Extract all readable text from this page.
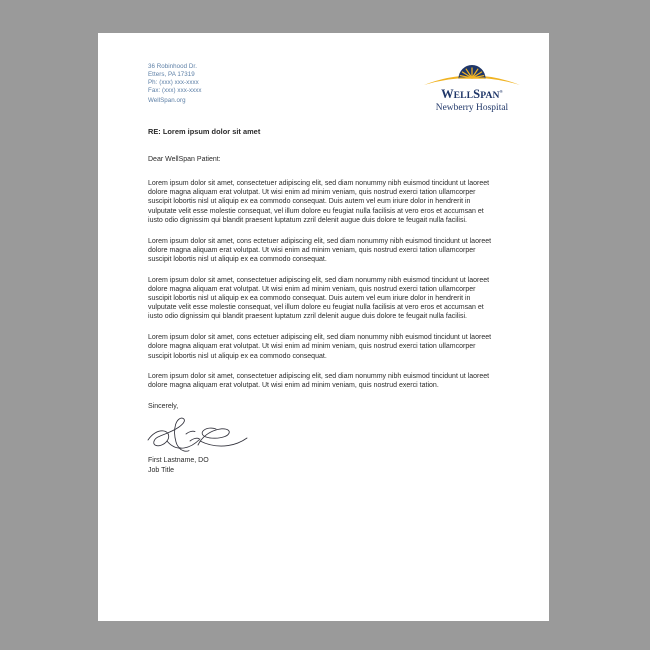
36 Robinhood Dr.
Etters, PA 17319
Ph: (xxx) xxx-xxxx
Fax: (xxx) xxx-xxxx
WellSpan.org	WELLSPAN®
Newberry Hospital

RE: Lorem ipsum dolor sit amet

Dear WellSpan Patient:

Lorem ipsum dolor sit amet, consectetuer adipiscing elit, sed diam nonummy nibh euismod tincidunt ut laoreet dolore magna aliquam erat volutpat. Ut wisi enim ad minim veniam, quis nostrud exerci tation ullamcorper suscipit lobortis nisl ut aliquip ex ea commodo consequat. Duis autem vel eum iriure dolor in hendrerit in vulputate velit esse molestie consequat, vel illum dolore eu feugiat nulla facilisis at vero eros et accumsan et iusto odio dignissim qui blandit praesent luptatum zzril delenit augue duis dolore te feugait nulla facilisi.

Lorem ipsum dolor sit amet, cons ectetuer adipiscing elit, sed diam nonummy nibh euismod tincidunt ut laoreet dolore magna aliquam erat volutpat. Ut wisi enim ad minim veniam, quis nostrud exerci tation ullamcorper suscipit lobortis nisl ut aliquip ex ea commodo consequat.

Lorem ipsum dolor sit amet, consectetuer adipiscing elit, sed diam nonummy nibh euismod tincidunt ut laoreet dolore magna aliquam erat volutpat. Ut wisi enim ad minim veniam, quis nostrud exerci tation ullamcorper suscipit lobortis nisl ut aliquip ex ea commodo consequat. Duis autem vel eum iriure dolor in hendrerit in vulputate velit esse molestie consequat, vel illum dolore eu feugiat nulla facilisis at vero eros et accumsan et iusto odio dignissim qui blandit praesent luptatum zzril delenit augue duis dolore te feugait nulla facilisi.

Lorem ipsum dolor sit amet, cons ectetuer adipiscing elit, sed diam nonummy nibh euismod tincidunt ut laoreet dolore magna aliquam erat volutpat. Ut wisi enim ad minim veniam, quis nostrud exerci tation ullamcorper suscipit lobortis nisl ut aliquip ex ea commodo consequat.

Lorem ipsum dolor sit amet, consectetuer adipiscing elit, sed diam nonummy nibh euismod tincidunt ut laoreet dolore magna aliquam erat volutpat. Ut wisi enim ad minim veniam, quis nostrud exerci tation.

Sincerely,

First Lastname, DO
Job Title
